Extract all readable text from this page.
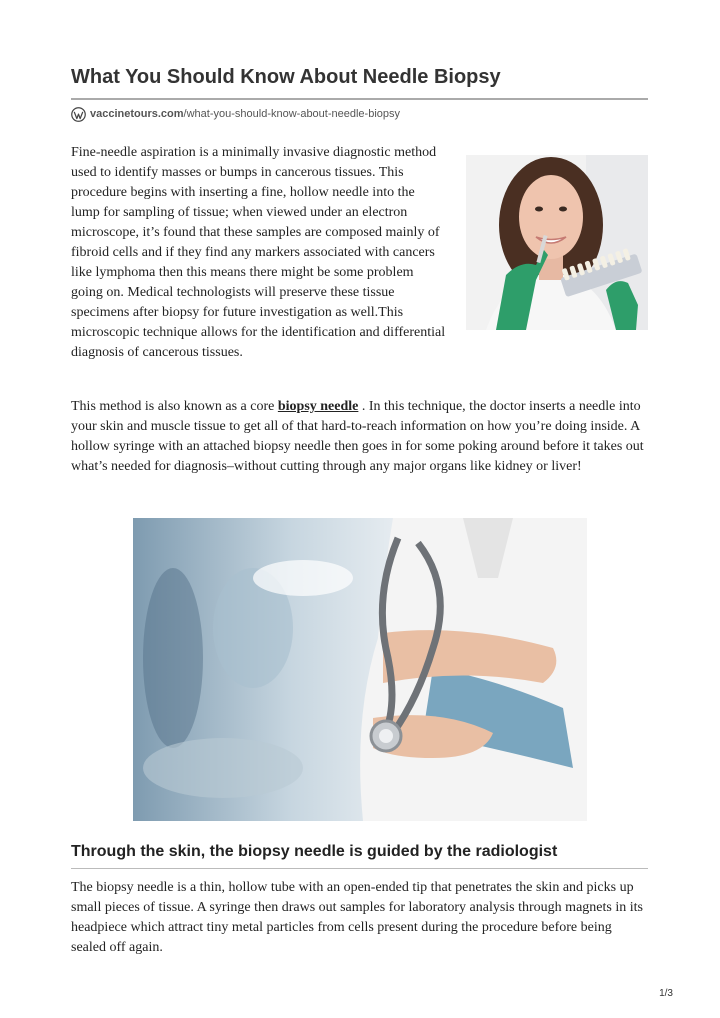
What You Should Know About Needle Biopsy
vaccinetours.com /what-you-should-know-about-needle-biopsy

Fine-needle aspiration is a minimally invasive diagnostic method used to identify masses or bumps in cancerous tissues. This procedure begins with inserting a fine, hollow needle into the lump for sampling of tissue; when viewed under an electron microscope, it’s found that these samples are composed mainly of fibroid cells and if they find any markers associated with cancers like lymphoma then this means there might be some problem going on. Medical technologists will preserve these tissue specimens after biopsy for future investigation as well.This microscopic technique allows for the identification and differential diagnosis of cancerous tissues.

This method is also known as a core biopsy needle . In this technique, the doctor inserts a needle into your skin and muscle tissue to get all of that hard-to-reach information on how you’re doing inside. A hollow syringe with an attached biopsy needle then goes in for some poking around before it takes out what’s needed for diagnosis–without cutting through any major organs like kidney or liver!

Through the skin, the biopsy needle is guided by the radiologist

The biopsy needle is a thin, hollow tube with an open-ended tip that penetrates the skin and picks up small pieces of tissue. A syringe then draws out samples for laboratory analysis through magnets in its headpiece which attract tiny metal particles from cells present during the procedure before being sealed off again.

1/3
